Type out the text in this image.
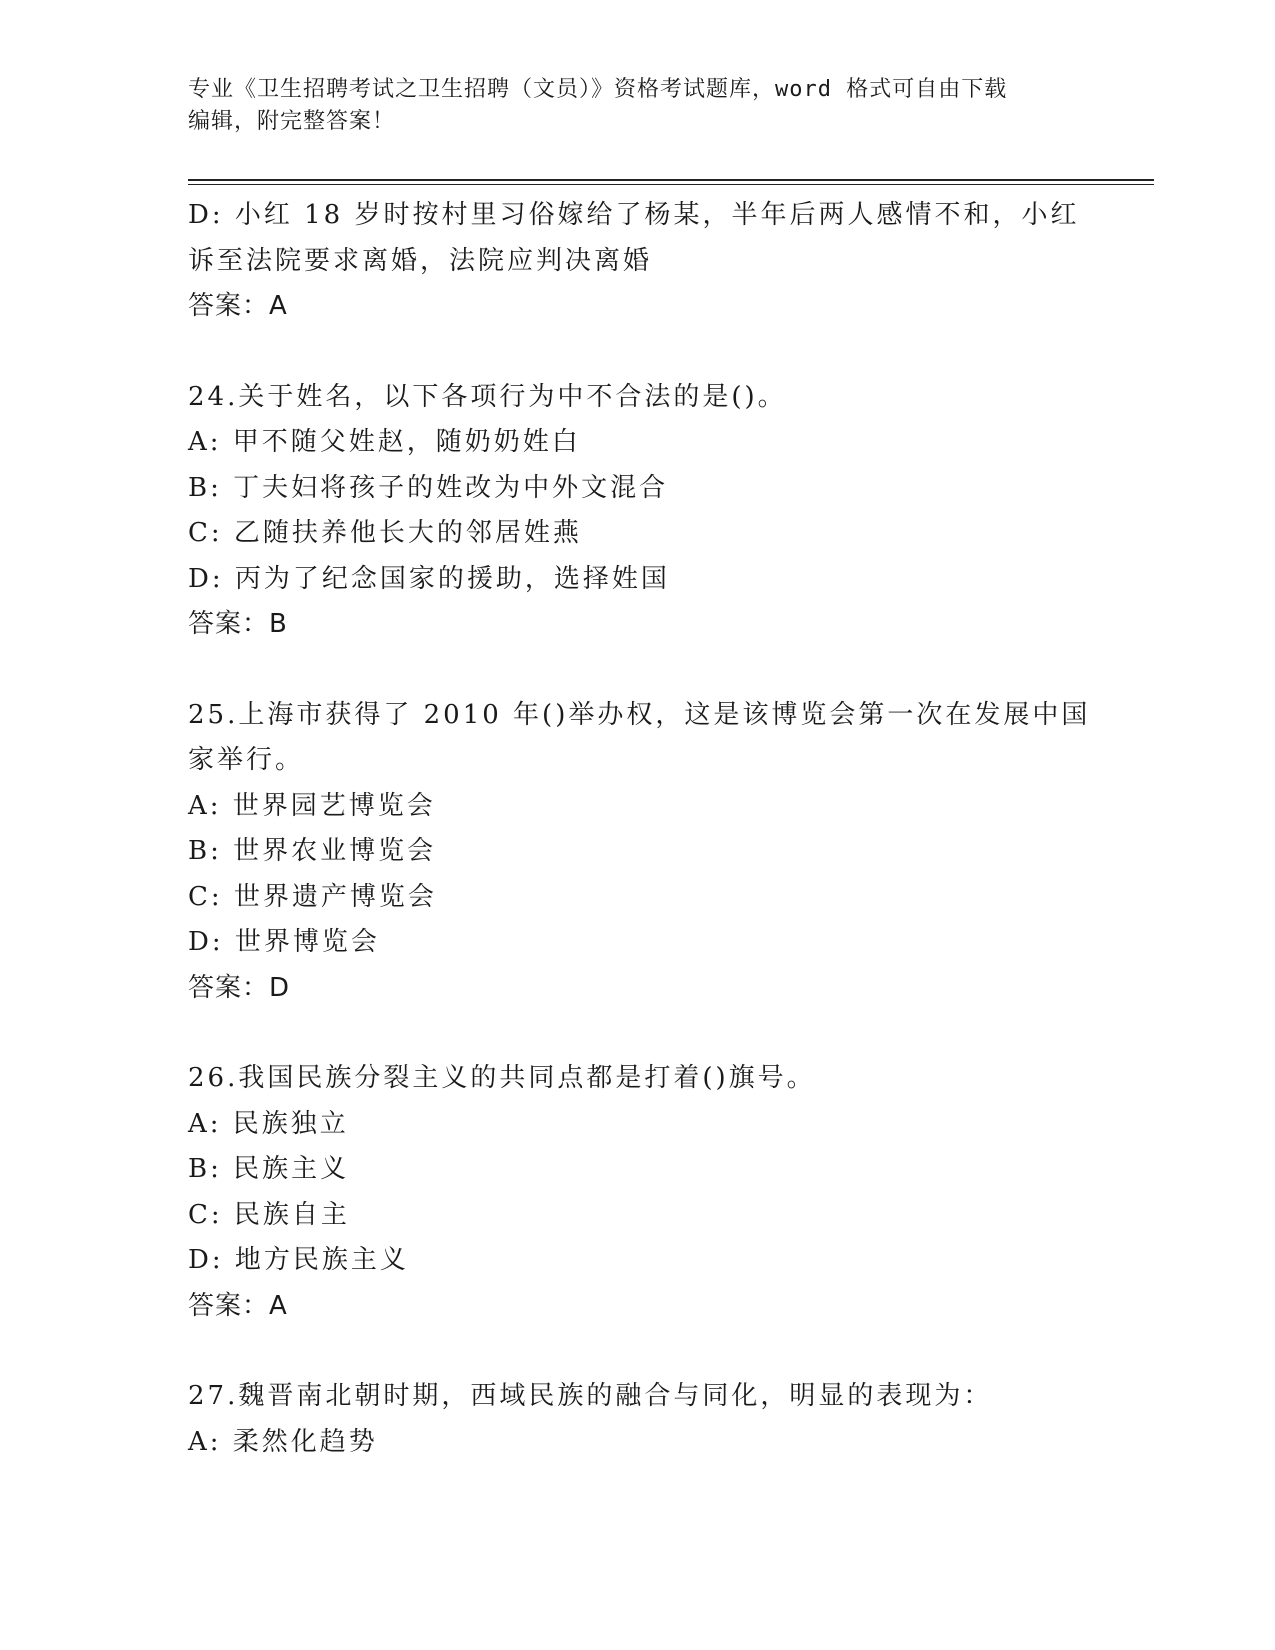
专业《卫生招聘考试之卫生招聘（文员）》资格考试题库，word 格式可自由下载
编辑，附完整答案！
D: 小红 18 岁时按村里习俗嫁给了杨某，半年后两人感情不和，小红
诉至法院要求离婚，法院应判决离婚
答案：A
24.关于姓名，以下各项行为中不合法的是()。
A: 甲不随父姓赵，随奶奶姓白
B: 丁夫妇将孩子的姓改为中外文混合
C: 乙随扶养他长大的邻居姓燕
D: 丙为了纪念国家的援助，选择姓国
答案：B
25.上海市获得了 2010 年()举办权，这是该博览会第一次在发展中国
家举行。
A: 世界园艺博览会
B: 世界农业博览会
C: 世界遗产博览会
D: 世界博览会
答案：D
26.我国民族分裂主义的共同点都是打着()旗号。
A: 民族独立
B: 民族主义
C: 民族自主
D: 地方民族主义
答案：A
27.魏晋南北朝时期，西域民族的融合与同化，明显的表现为：
A: 柔然化趋势
